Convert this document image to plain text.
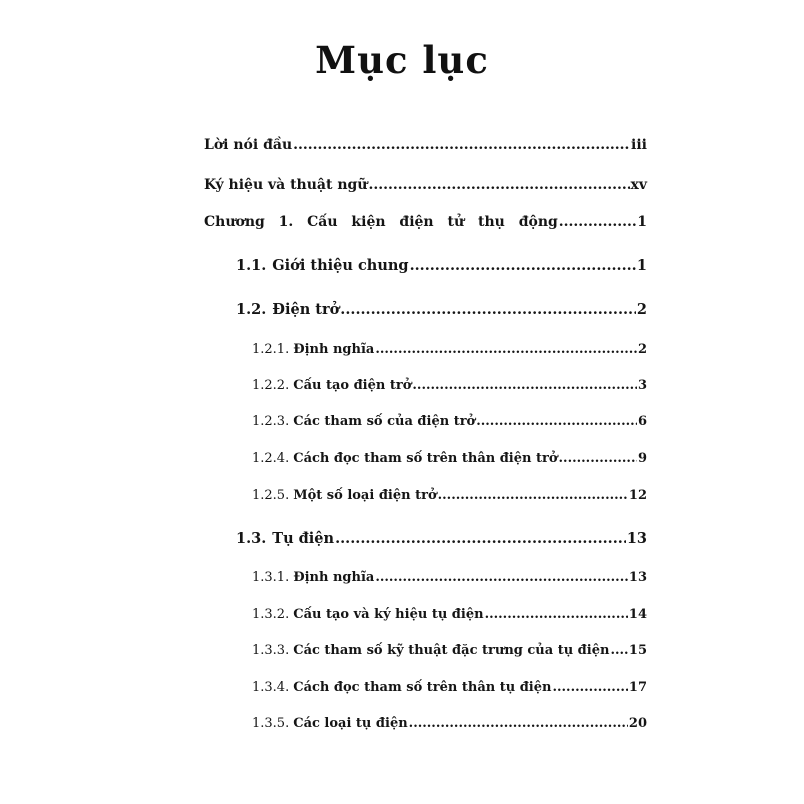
Mục lục
Lời nói đầu .....	iii
Ký hiệu và thuật ngữ .....	xv
Chương 1. Cấu kiện điện tử thụ động .....	1
1.1. Giới thiệu chung .....	1
1.2. Điện trở .....	2
1.2.1. Định nghĩa .....	2
1.2.2. Cấu tạo điện trở .....	3
1.2.3. Các tham số của điện trở .....	6
1.2.4. Cách đọc tham số trên thân điện trở .....	9
1.2.5. Một số loại điện trở .....	12
1.3. Tụ điện .....	13
1.3.1. Định nghĩa .....	13
1.3.2. Cấu tạo và ký hiệu tụ điện .....	14
1.3.3. Các tham số kỹ thuật đặc trưng của tụ điện ..... 15
1.3.4. Cách đọc tham số trên thân tụ điện .....	17
1.3.5. Các loại tụ điện .....	20
